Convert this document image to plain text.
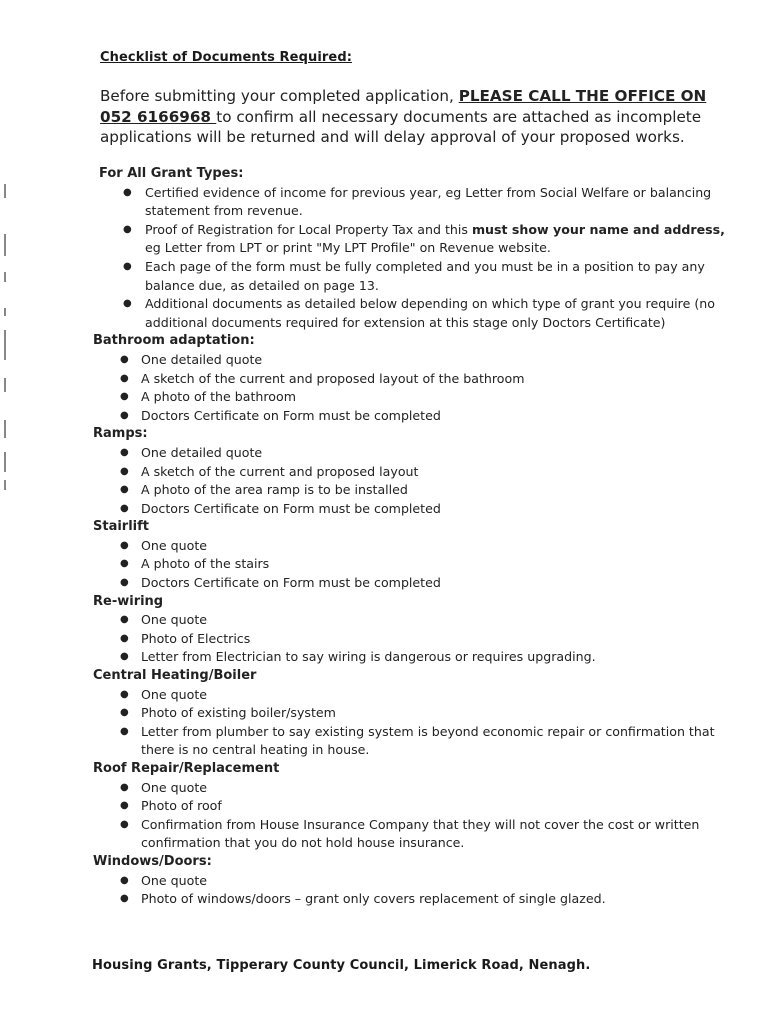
Checklist of Documents Required:
Before submitting your completed application, PLEASE CALL THE OFFICE ON 052 6166968 to confirm all necessary documents are attached as incomplete applications will be returned and will delay approval of your proposed works.
For All Grant Types:
● Certified evidence of income for previous year, eg Letter from Social Welfare or balancing statement from revenue.
● Proof of Registration for Local Property Tax and this must show your name and address, eg Letter from LPT or print "My LPT Profile" on Revenue website.
● Each page of the form must be fully completed and you must be in a position to pay any balance due, as detailed on page 13.
● Additional documents as detailed below depending on which type of grant you require (no additional documents required for extension at this stage only Doctors Certificate)
Bathroom adaptation:
● One detailed quote
● A sketch of the current and proposed layout of the bathroom
● A photo of the bathroom
● Doctors Certificate on Form must be completed
Ramps:
● One detailed quote
● A sketch of the current and proposed layout
● A photo of the area ramp is to be installed
● Doctors Certificate on Form must be completed
Stairlift
● One quote
● A photo of the stairs
● Doctors Certificate on Form must be completed
Re-wiring
● One quote
● Photo of Electrics
● Letter from Electrician to say wiring is dangerous or requires upgrading.
Central Heating/Boiler
● One quote
● Photo of existing boiler/system
● Letter from plumber to say existing system is beyond economic repair or confirmation that there is no central heating in house.
Roof Repair/Replacement
● One quote
● Photo of roof
● Confirmation from House Insurance Company that they will not cover the cost or written confirmation that you do not hold house insurance.
Windows/Doors:
● One quote
● Photo of windows/doors – grant only covers replacement of single glazed.
Housing Grants, Tipperary County Council, Limerick Road, Nenagh.
